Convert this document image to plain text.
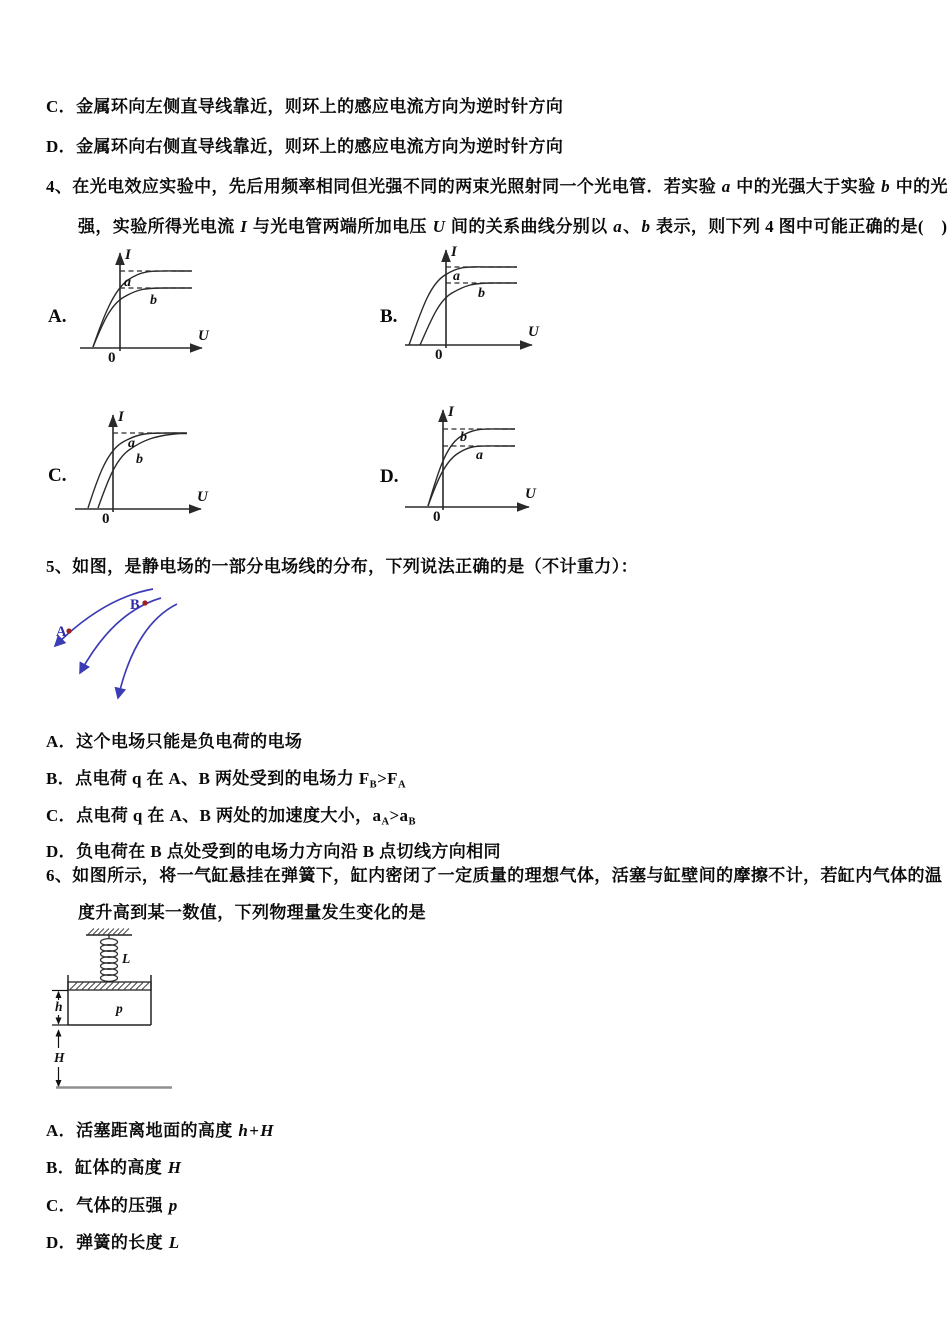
C．金属环向左侧直导线靠近，则环上的感应电流方向为逆时针方向
D．金属环向右侧直导线靠近，则环上的感应电流方向为逆时针方向
4、在光电效应实验中，先后用频率相同但光强不同的两束光照射同一个光电管．若实验 a 中的光强大于实验 b 中的光
强，实验所得光电流 I 与光电管两端所加电压 U 间的关系曲线分别以 a、b 表示，则下列 4 图中可能正确的是(　)
A.	B.
C.	D.
I
U
0
a
b
I
U
0
a
b
I
U
0
a
b
I
U
0
b
a
5、如图，是静电场的一部分电场线的分布，下列说法正确的是（不计重力）：
A
B
A．这个电场只能是负电荷的电场
B．点电荷 q 在 A、B 两处受到的电场力 $F_B>F_A$
C．点电荷 q 在 A、B 两处的加速度大小，$a_A>a_B$
D．负电荷在 B 点处受到的电场力方向沿 B 点切线方向相同
6、如图所示，将一气缸悬挂在弹簧下，缸内密闭了一定质量的理想气体，活塞与缸壁间的摩擦不计，若缸内气体的温
度升高到某一数值，下列物理量发生变化的是
L
p
h
H
A．活塞距离地面的高度 h+H
B．缸体的高度 H
C．气体的压强 p
D．弹簧的长度 L
